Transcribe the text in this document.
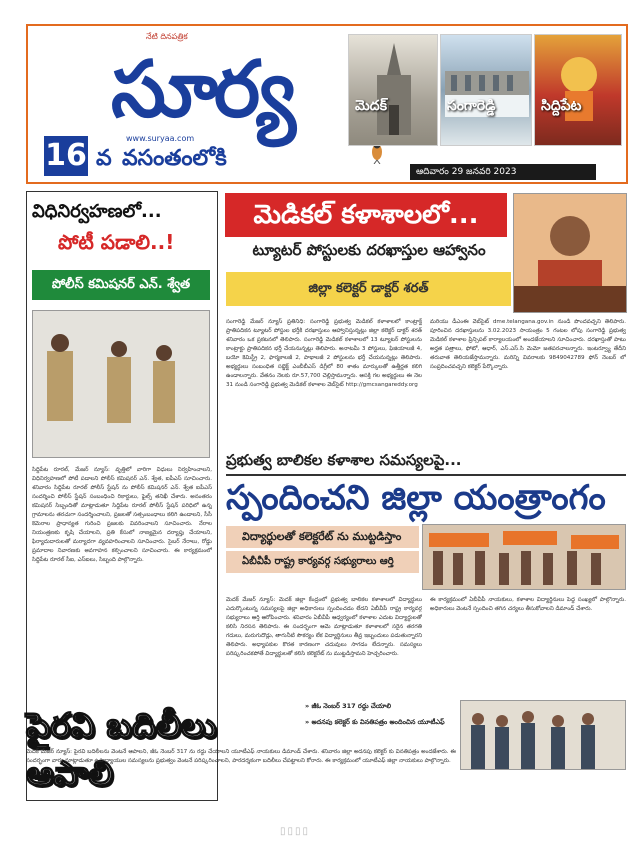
నేటి దినపత్రిక
సూర్య
www.suryaa.com
16 వ వసంతంలోకి
మెదక్	సంగారెడ్డి	సిద్దిపేట
ఆదివారం 29 జనవరి 2023
విధినిర్వహణలో...
పోటీ పడాలి..!
పోలీస్ కమిషనర్ ఎన్. శ్వేత
సిద్దిపేట రూరల్, మేజర్ న్యూస్: వృత్తిలో వారిగా విధులు నిర్వహించాలని, విధినిర్వహణలో పోటీ పడాలని పోలీస్ కమిషనర్ ఎన్. శ్వేత, ఐపీఎస్ సూచించారు. శనివారం సిద్దిపేట రూరల్ పోలీస్ స్టేషన్ ను పోలీస్ కమిషనర్ ఎన్. శ్వేత ఐపీఎస్ సందర్శించి పోలీస్ స్టేషన్ సంబంధించి రికార్డులు, ఫైల్స్ తనిఖీ చేశారు. అనంతరం కమిషనర్ సిబ్బందితో మాట్లాడుతూ సిద్దిపేట రూరల్ పోలీస్ స్టేషన్ పరిధిలో ఉన్న గ్రామాలను తరచుగా సందర్శించాలని, ప్రజలతో సత్సంబంధాలు కలిగి ఉండాలని, సీసీ కెమెరాల ప్రాధాన్యత గురించి ప్రజలకు వివరించాలని సూచించారు. నేరాల నియంత్రణకు కృషి చేయాలని, ప్రతి కేసులో నాణ్యమైన దర్యాప్తు చేయాలని, ఫిర్యాదుదారులతో మర్యాదగా వ్యవహరించాలని సూచించారు. సైబర్ నేరాలు, రోడ్డు ప్రమాదాల నివారణకు అవగాహన కల్పించాలని సూచించారు. ఈ కార్యక్రమంలో సిద్దిపేట రూరల్ సీఐ, ఎస్ఐలు, సిబ్బంది పాల్గొన్నారు.
మెడికల్ కళాశాలలో...
ట్యూటర్ పోస్టులకు దరఖాస్తుల ఆహ్వానం
జిల్లా కలెక్టర్ డాక్టర్ శరత్
సంగారెడ్డి మేజర్ న్యూస్ ప్రతినిధి: సంగారెడ్డి ప్రభుత్వ మెడికల్ కళాశాలలో కాంట్రాక్ట్ ప్రాతిపదికన ట్యూటర్ పోస్టుల భర్తీకి దరఖాస్తులు ఆహ్వానిస్తున్నట్లు జిల్లా కలెక్టర్ డాక్టర్ శరత్ శనివారం ఒక ప్రకటనలో తెలిపారు. సంగారెడ్డి మెడికల్ కళాశాలలో 13 ట్యూటర్ పోస్టులను కాంట్రాక్టు ప్రాతిపదికన భర్తీ చేయనున్నట్లు తెలిపారు. అనాటమీ 3 పోస్టులు, ఫిజియాలజీ 4, బయో కెమిస్ట్రీ 2, ఫార్మకాలజీ 2, పాథాలజీ 2 పోస్టులను భర్తీ చేయనున్నట్లు తెలిపారు. అభ్యర్థులు సంబంధిత సబ్జెక్ట్ ఎంబీబీఎస్ డిగ్రీలో 80 శాతం మార్కులతో ఉత్తీర్ణత కలిగి ఉండాలన్నారు. వేతనం నెలకు రూ.57,700 చెల్లిస్తామన్నారు. ఆసక్తి గల అభ్యర్థులు ఈ నెల 31 నుండి సంగారెడ్డి ప్రభుత్వ మెడికల్ కళాశాల వెబ్‌సైట్ http://gmcsangareddy.org
మరియు డీఎంఈ వెబ్‌సైట్ dme.telangana.gov.in నుండి పొందవచ్చని తెలిపారు. పూరించిన దరఖాస్తులను 3.02.2023 సాయంత్రం 5 గంటల లోపు సంగారెడ్డి ప్రభుత్వ మెడికల్ కళాశాల ప్రిన్సిపల్ కార్యాలయంలో అందజేయాలని సూచించారు. దరఖాస్తుతో పాటు అర్హత పత్రాలు, ఫోటో, ఆధార్, ఎస్.ఎస్.సి మెమో జతపరచాలన్నారు. ఇంటర్వ్యూ తేదీని తరువాత తెలియజేస్తామన్నారు. మరిన్ని వివరాలకు 9849042789 ఫోన్ నెంబర్ లో సంప్రదించవచ్చని కలెక్టర్ పేర్కొన్నారు.
ప్రభుత్వ బాలికల కళాశాల సమస్యలపై...
స్పందించని జిల్లా యంత్రాంగం
విద్యార్థులతో కలెక్టరేట్ ను ముట్టడిస్తాం
ఏబీవీపీ రాష్ట్ర కార్యవర్గ సభ్యురాలు ఆర్తి
మెదక్ మేజర్ న్యూస్: మెదక్ జిల్లా కేంద్రంలో ప్రభుత్వ బాలికల కళాశాలలో విద్యార్థులు ఎదుర్కొంటున్న సమస్యలపై జిల్లా అధికారులు స్పందించడం లేదని ఏబీవీపీ రాష్ట్ర కార్యవర్గ సభ్యురాలు ఆర్తి ఆరోపించారు. శనివారం ఏబీవీపీ ఆధ్వర్యంలో కళాశాల ఎదుట విద్యార్థులతో కలిసి నిరసన తెలిపారు. ఈ సందర్భంగా ఆమె మాట్లాడుతూ కళాశాలలో సరైన తరగతి గదులు, మరుగుదొడ్లు, తాగునీటి సౌకర్యం లేక విద్యార్థినులు తీవ్ర ఇబ్బందులు పడుతున్నారని తెలిపారు. అధ్యాపకుల కొరత కారణంగా చదువులు సాగడం లేదన్నారు. సమస్యలు పరిష్కరించకపోతే విద్యార్థులతో కలిసి కలెక్టరేట్ ను ముట్టడిస్తామని హెచ్చరించారు.
ఈ కార్యక్రమంలో ఏబీవీపీ నాయకులు, కళాశాల విద్యార్థినులు పెద్ద సంఖ్యలో పాల్గొన్నారు. అధికారులు వెంటనే స్పందించి తగిన చర్యలు తీసుకోవాలని డిమాండ్ చేశారు.
పైరవి బదిలీలు ఆపాలి
» జీఓ నెంబర్ 317 రద్దు చేయాలి
» అదనపు కలెక్టర్ కు వినతిపత్రం అందించిన యూటీఎఫ్
మెదక్ మేజర్ న్యూస్: పైరవి బదిలీలను వెంటనే ఆపాలని, జీఓ నెంబర్ 317 ను రద్దు చేయాలని యూటీఎఫ్ నాయకులు డిమాండ్ చేశారు. శనివారం జిల్లా అదనపు కలెక్టర్ కు వినతిపత్రం అందజేశారు. ఈ సందర్భంగా వారు మాట్లాడుతూ ఉపాధ్యాయుల సమస్యలను ప్రభుత్వం వెంటనే పరిష్కరించాలని, పారదర్శకంగా బదిలీలు చేపట్టాలని కోరారు. ఈ కార్యక్రమంలో యూటీఎఫ్ జిల్లా నాయకులు పాల్గొన్నారు.
▯▯▯▯
